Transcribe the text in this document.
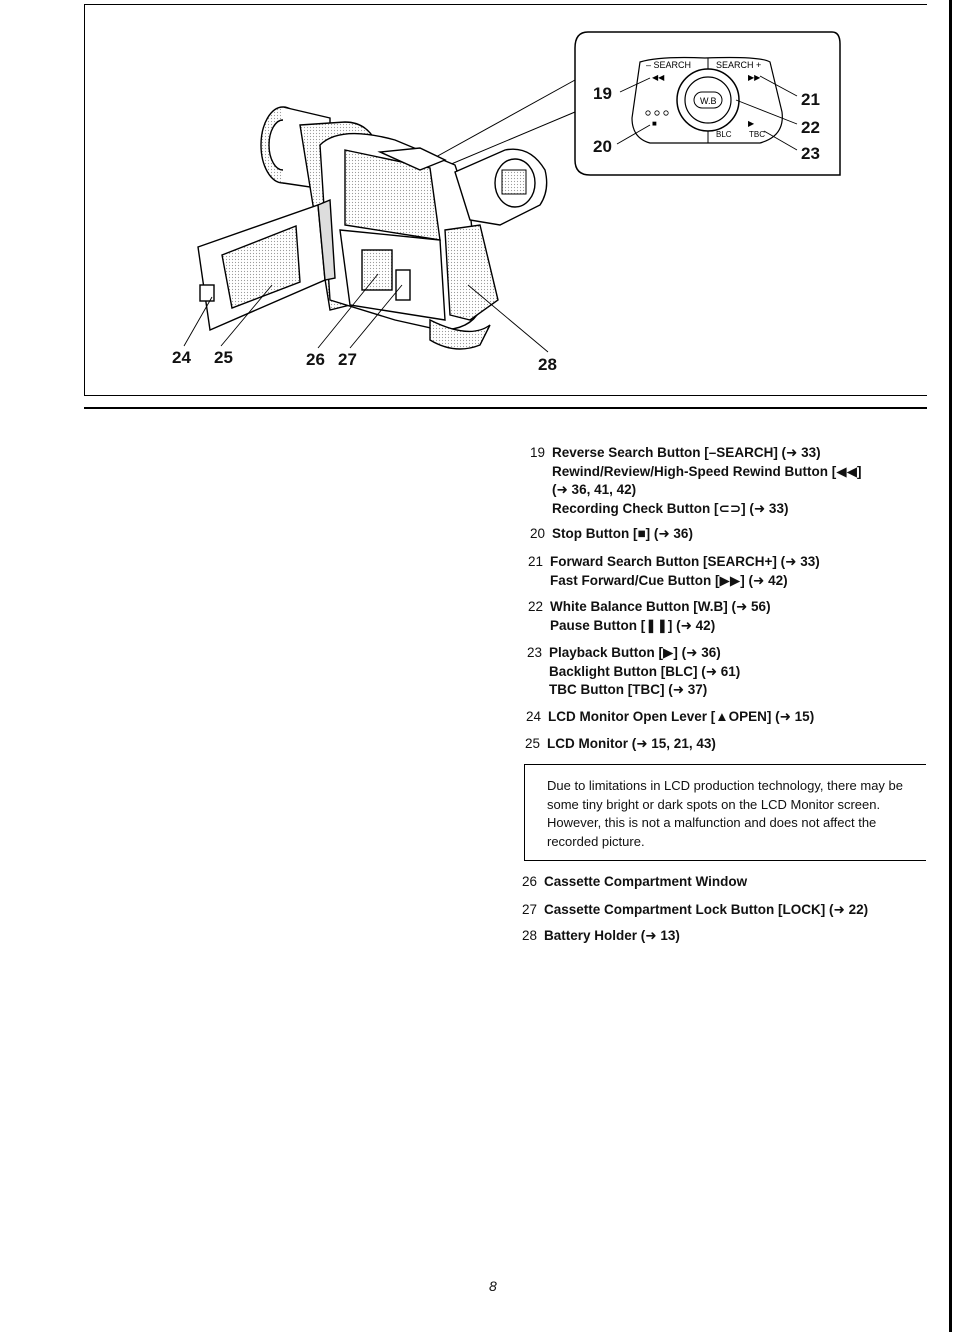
– SEARCH	SEARCH +
◀◀	▶▶
W.B
■	▶
BLC TBC
19
20
21
22
23
24 25	26 27	28
19 Reverse Search Button [–SEARCH] (➜ 33)
Rewind/Review/High-Speed Rewind Button [◀◀]
(➜ 36, 41, 42)
Recording Check Button [⊂⊃] (➜ 33)
20 Stop Button [■] (➜ 36)
21 Forward Search Button [SEARCH+] (➜ 33)
Fast Forward/Cue Button [▶▶] (➜ 42)
22 White Balance Button [W.B] (➜ 56)
Pause Button [❚❚] (➜ 42)
23 Playback Button [▶] (➜ 36)
Backlight Button [BLC] (➜ 61)
TBC Button [TBC] (➜ 37)
24 LCD Monitor Open Lever [▲OPEN] (➜ 15)
25 LCD Monitor (➜ 15, 21, 43)
26 Cassette Compartment Window
27 Cassette Compartment Lock Button [LOCK] (➜ 22)
28 Battery Holder (➜ 13)
Due to limitations in LCD production technology, there may be some tiny bright or dark spots on the LCD Monitor screen. However, this is not a malfunction and does not affect the recorded picture.
8
